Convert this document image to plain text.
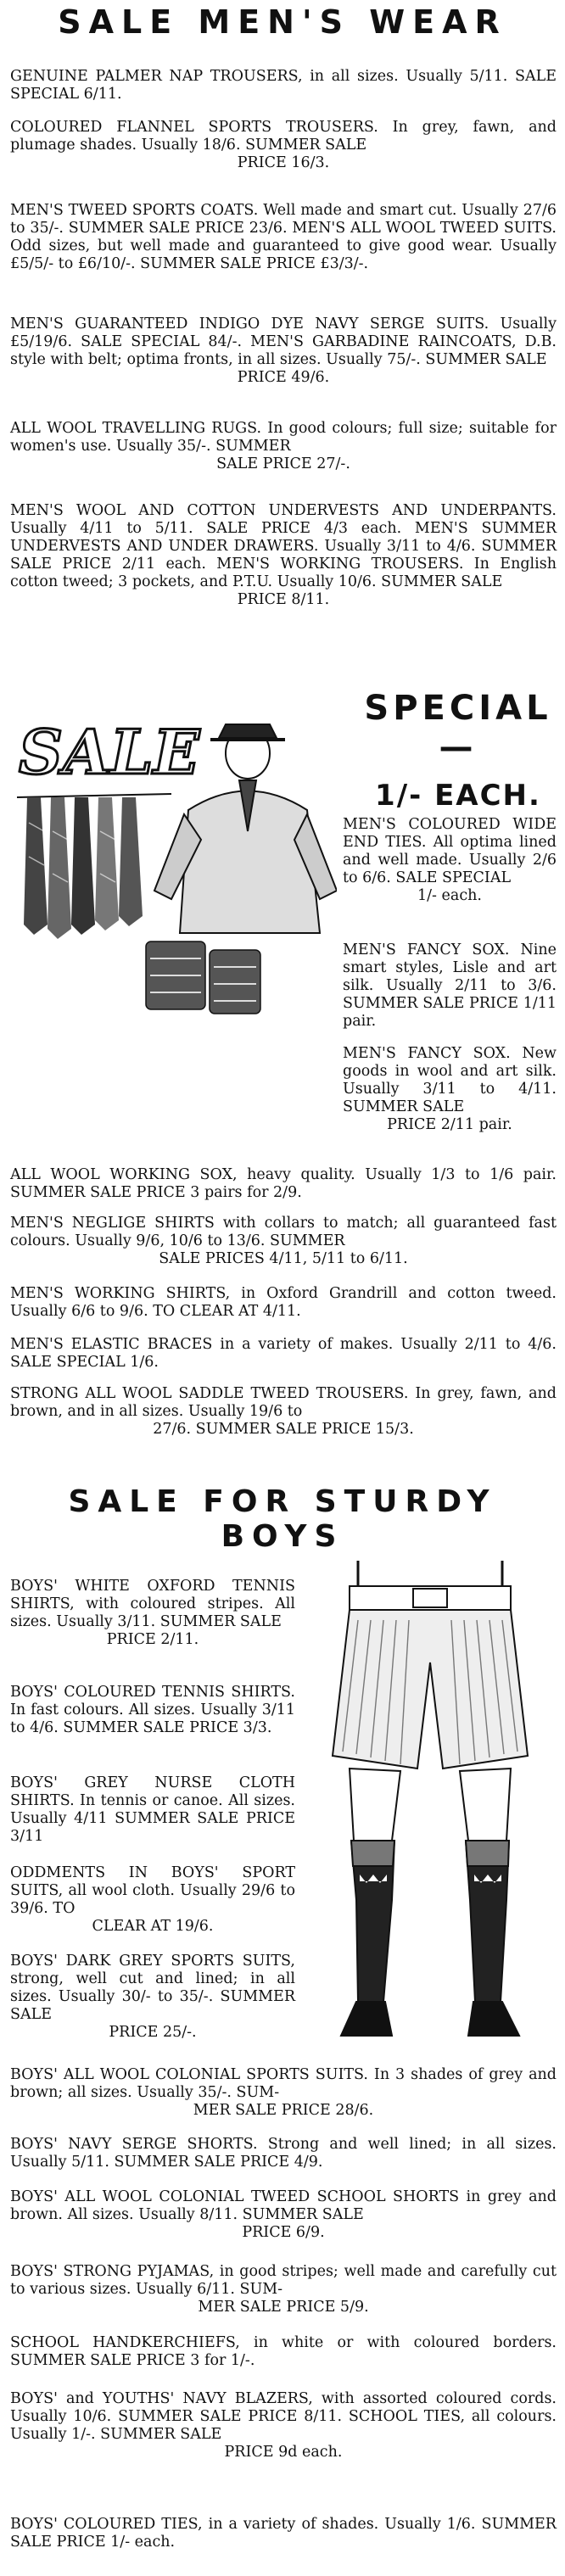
SALE MEN'S WEAR
GENUINE PALMER NAP TROUSERS, in all sizes. Usually 5/11. SALE SPECIAL 6/11.
COLOURED FLANNEL SPORTS TROUSERS. In grey, fawn, and plumage shades. Usually 18/6. SUMMER SALE
PRICE 16/3.
MEN'S TWEED SPORTS COATS. Well made and smart cut. Usually 27/6 to 35/-. SUMMER SALE PRICE 23/6. MEN'S ALL WOOL TWEED SUITS. Odd sizes, but well made and guaranteed to give good wear. Usually £5/5/- to £6/10/-. SUMMER SALE PRICE £3/3/-.
MEN'S GUARANTEED INDIGO DYE NAVY SERGE SUITS. Usually £5/19/6. SALE SPECIAL 84/-. MEN'S GARBADINE RAINCOATS, D.B. style with belt; optima fronts, in all sizes. Usually 75/-. SUMMER SALE
PRICE 49/6.
ALL WOOL TRAVELLING RUGS. In good colours; full size; suitable for women's use. Usually 35/-. SUMMER
SALE PRICE 27/-.
MEN'S WOOL AND COTTON UNDERVESTS AND UNDERPANTS. Usually 4/11 to 5/11. SALE PRICE 4/3 each. MEN'S SUMMER UNDERVESTS AND UNDER DRAWERS. Usually 3/11 to 4/6. SUMMER SALE PRICE 2/11 each. MEN'S WORKING TROUSERS. In English cotton tweed; 3 pockets, and P.T.U. Usually 10/6. SUMMER SALE
PRICE 8/11.
SALE
SPECIAL—
1/- EACH.
MEN'S COLOURED WIDE END TIES. All optima lined and well made. Usually 2/6 to 6/6. SALE SPECIAL
1/- each.
MEN'S FANCY SOX. Nine smart styles, Lisle and art silk. Usually 2/11 to 3/6. SUMMER SALE PRICE 1/11 pair.
MEN'S FANCY SOX. New goods in wool and art silk. Usually 3/11 to 4/11. SUMMER SALE
PRICE 2/11 pair.
ALL WOOL WORKING SOX, heavy quality. Usually 1/3 to 1/6 pair. SUMMER SALE PRICE 3 pairs for 2/9.
MEN'S NEGLIGE SHIRTS with collars to match; all guaranteed fast colours. Usually 9/6, 10/6 to 13/6. SUMMER
SALE PRICES 4/11, 5/11 to 6/11.
MEN'S WORKING SHIRTS, in Oxford Grandrill and cotton tweed. Usually 6/6 to 9/6. TO CLEAR AT 4/11.
MEN'S ELASTIC BRACES in a variety of makes. Usually 2/11 to 4/6. SALE SPECIAL 1/6.
STRONG ALL WOOL SADDLE TWEED TROUSERS. In grey, fawn, and brown, and in all sizes. Usually 19/6 to
27/6. SUMMER SALE PRICE 15/3.
SALE FOR STURDY BOYS
BOYS' WHITE OXFORD TENNIS SHIRTS, with coloured stripes. All sizes. Usually 3/11. SUMMER SALE
PRICE 2/11.
BOYS' COLOURED TENNIS SHIRTS. In fast colours. All sizes. Usually 3/11 to 4/6. SUMMER SALE PRICE 3/3.
BOYS' GREY NURSE CLOTH SHIRTS. In tennis or canoe. All sizes. Usually 4/11 SUMMER SALE PRICE 3/11
ODDMENTS IN BOYS' SPORT SUITS, all wool cloth. Usually 29/6 to 39/6. TO
CLEAR AT 19/6.
BOYS' DARK GREY SPORTS SUITS, strong, well cut and lined; in all sizes. Usually 30/- to 35/-. SUMMER SALE
PRICE 25/-.
BOYS' ALL WOOL COLONIAL SPORTS SUITS. In 3 shades of grey and brown; all sizes. Usually 35/-. SUM-
MER SALE PRICE 28/6.
BOYS' NAVY SERGE SHORTS. Strong and well lined; in all sizes. Usually 5/11. SUMMER SALE PRICE 4/9.
BOYS' ALL WOOL COLONIAL TWEED SCHOOL SHORTS in grey and brown. All sizes. Usually 8/11. SUMMER SALE
PRICE 6/9.
BOYS' STRONG PYJAMAS, in good stripes; well made and carefully cut to various sizes. Usually 6/11. SUM-
MER SALE PRICE 5/9.
SCHOOL HANDKERCHIEFS, in white or with coloured borders. SUMMER SALE PRICE 3 for 1/-.
BOYS' and YOUTHS' NAVY BLAZERS, with assorted coloured cords. Usually 10/6. SUMMER SALE PRICE 8/11. SCHOOL TIES, all colours. Usually 1/-. SUMMER SALE
PRICE 9d each.
BOYS' COLOURED TIES, in a variety of shades. Usually 1/6. SUMMER SALE PRICE 1/- each.
